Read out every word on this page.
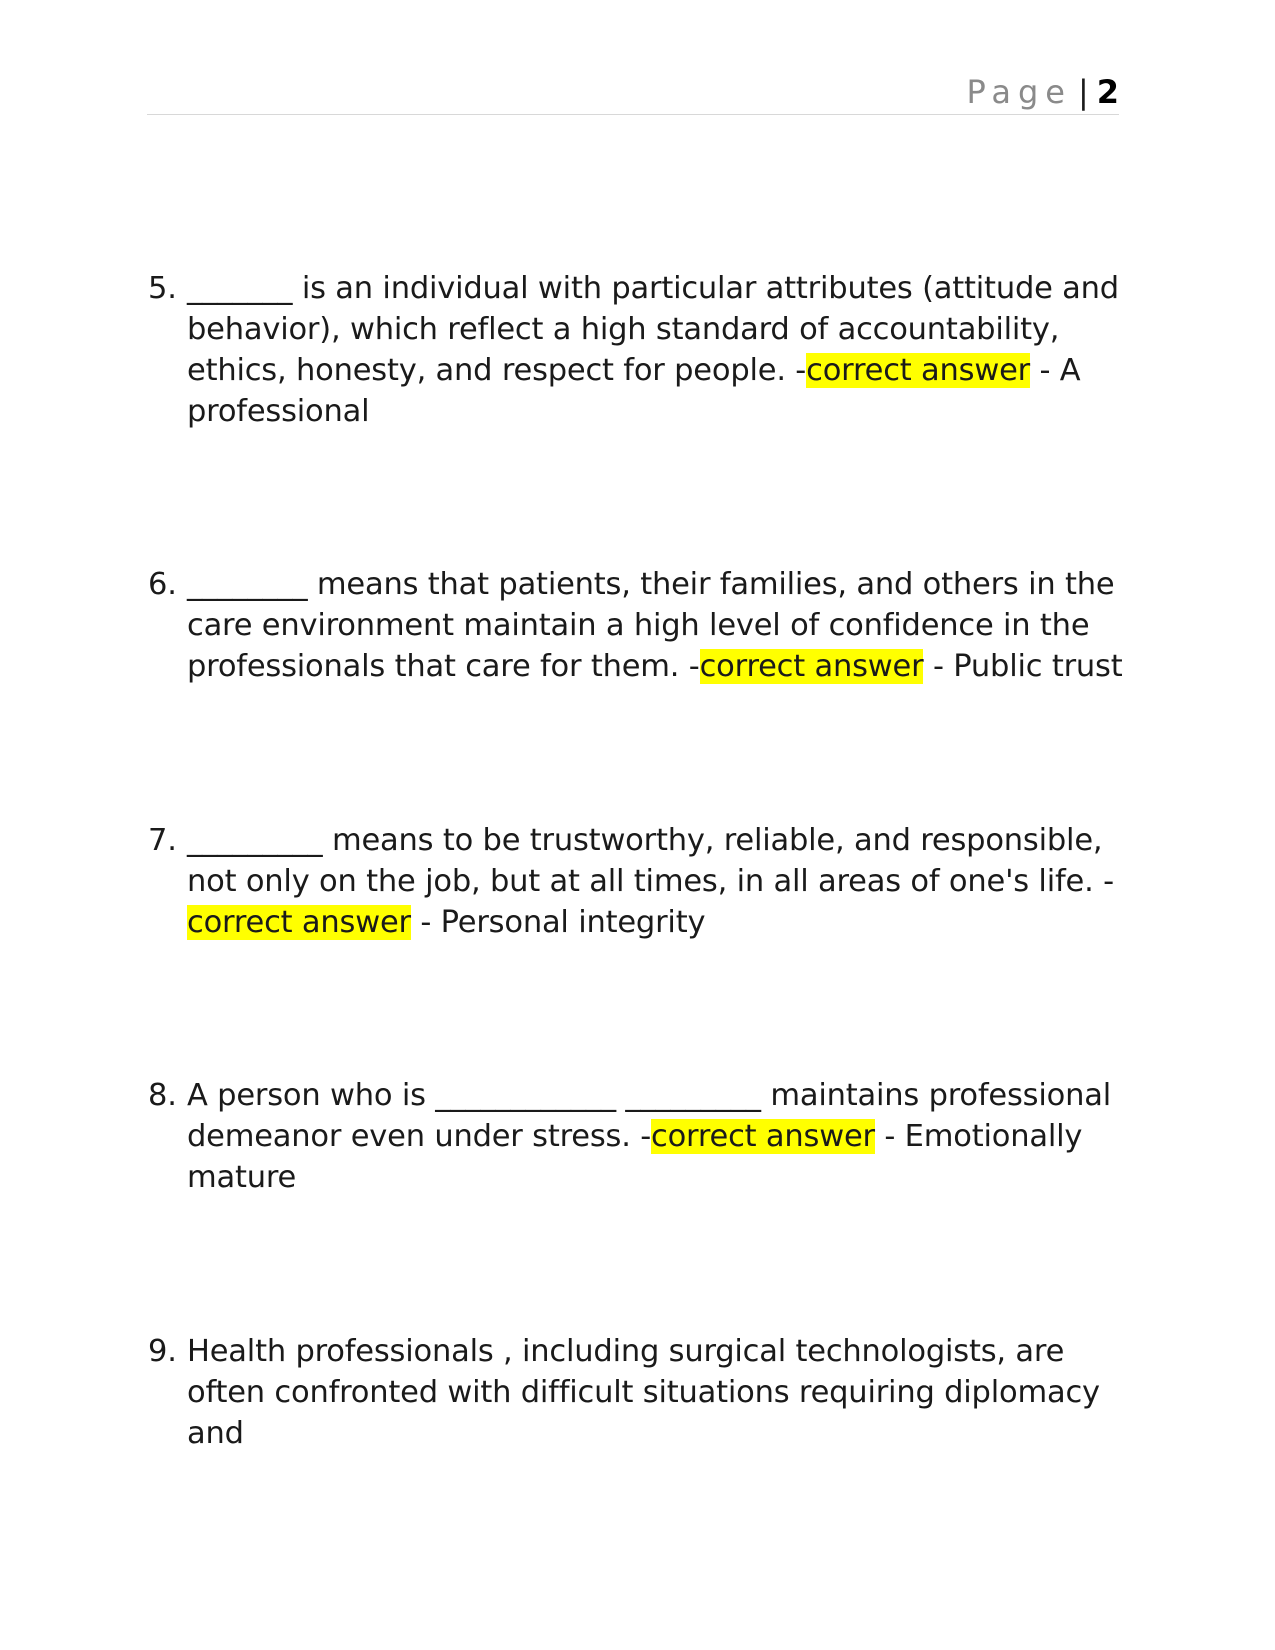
Page | 2
5. _______ is an individual with particular attributes (attitude and behavior), which reflect a high standard of accountability, ethics, honesty, and respect for people. -correct answer - A professional
6. ________ means that patients, their families, and others in the care environment maintain a high level of confidence in the professionals that care for them. -correct answer - Public trust
7. _________ means to be trustworthy, reliable, and responsible, not only on the job, but at all times, in all areas of one's life. -correct answer - Personal integrity
8. A person who is ____________ _________ maintains professional demeanor even under stress. -correct answer - Emotionally mature
9. Health professionals , including surgical technologists, are often confronted with difficult situations requiring diplomacy and
